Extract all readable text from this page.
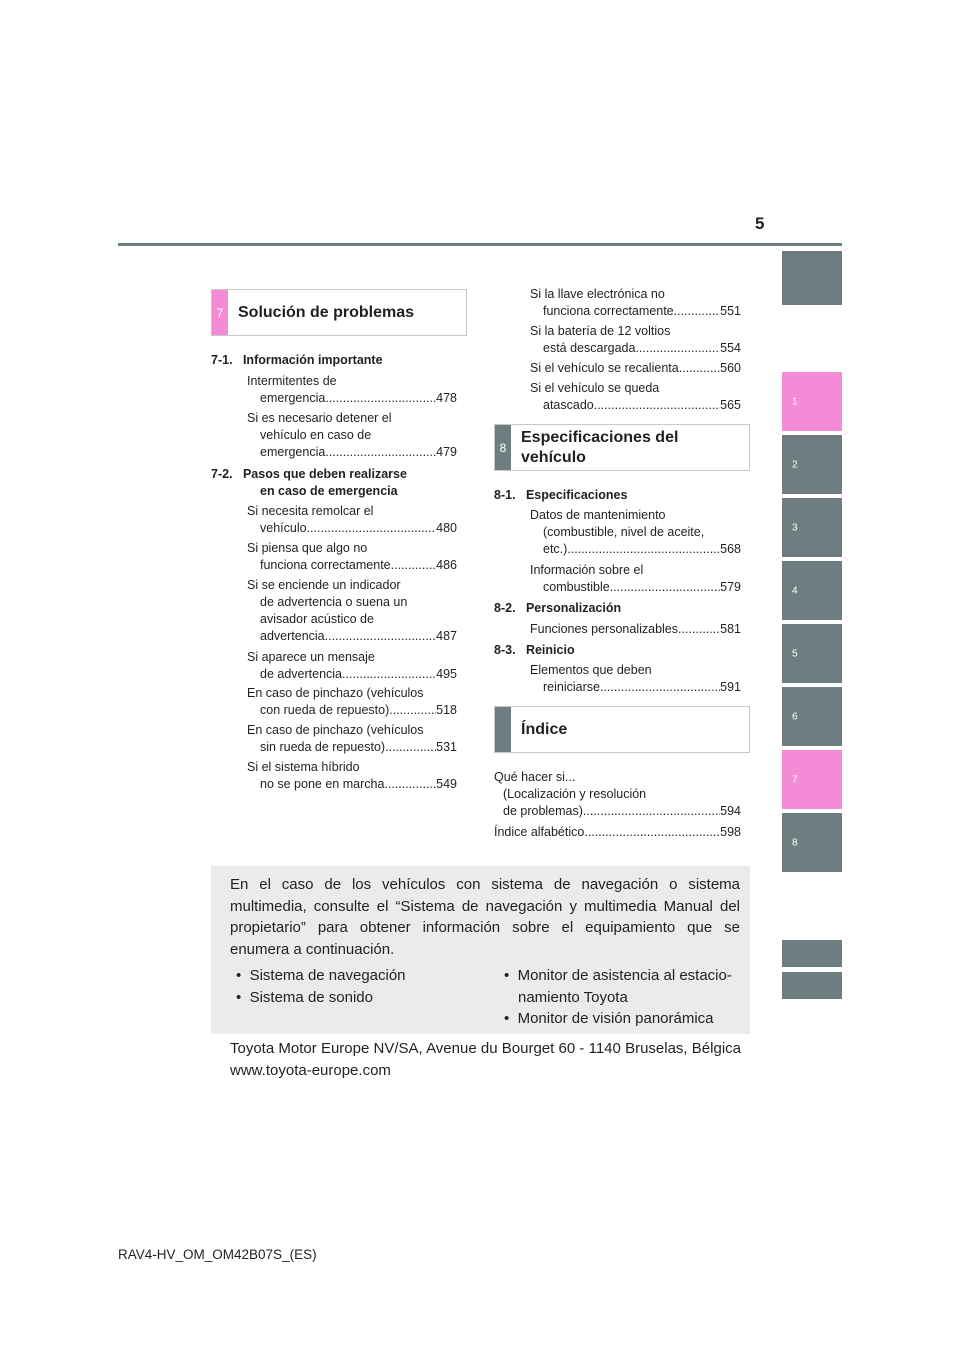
5
1
2
3
4
5
6
7
8
7 Solución de problemas
7-1.   Información importante
Intermitentes de
emergencia .....	478
Si es necesario detener el
vehículo en caso de
emergencia .....	479
7-2.   Pasos que deben realizarse
en caso de emergencia
Si necesita remolcar el
vehículo .....	480
Si piensa que algo no
funciona correctamente .....	486
Si se enciende un indicador
de advertencia o suena un
avisador acústico de
advertencia .....	487
Si aparece un mensaje
de advertencia .....	495
En caso de pinchazo (vehículos
con rueda de repuesto) .....	518
En caso de pinchazo (vehículos
sin rueda de repuesto) .....	531
Si el sistema híbrido
no se pone en marcha .....	549
Si la llave electrónica no
funciona correctamente .....	551
Si la batería de 12 voltios
está descargada .....	554
Si el vehículo se recalienta .....	560
Si el vehículo se queda
atascado .....	565
8
Especificaciones del
vehículo
8-1.   Especificaciones
Datos de mantenimiento
(combustible, nivel de aceite,
etc.) .....	568
Información sobre el
combustible .....	579
8-2.   Personalización
Funciones personalizables .....	581
8-3.   Reinicio
Elementos que deben
reiniciarse .....	591
Índice
Qué hacer si...
(Localización y resolución
de problemas) .....	594
Índice alfabético .....	598
En el caso de los vehículos con sistema de navegación o sistema multimedia, consulte el “Sistema de navegación y multimedia Manual del propietario” para obtener información sobre el equipamiento que se enumera a continuación.
•  Sistema de navegación
•  Sistema de sonido
•  Monitor de asistencia al estacio-
namiento Toyota
•  Monitor de visión panorámica
Toyota Motor Europe NV/SA, Avenue du Bourget 60 - 1140 Bruselas, Bélgica www.toyota-europe.com
RAV4-HV_OM_OM42B07S_(ES)
